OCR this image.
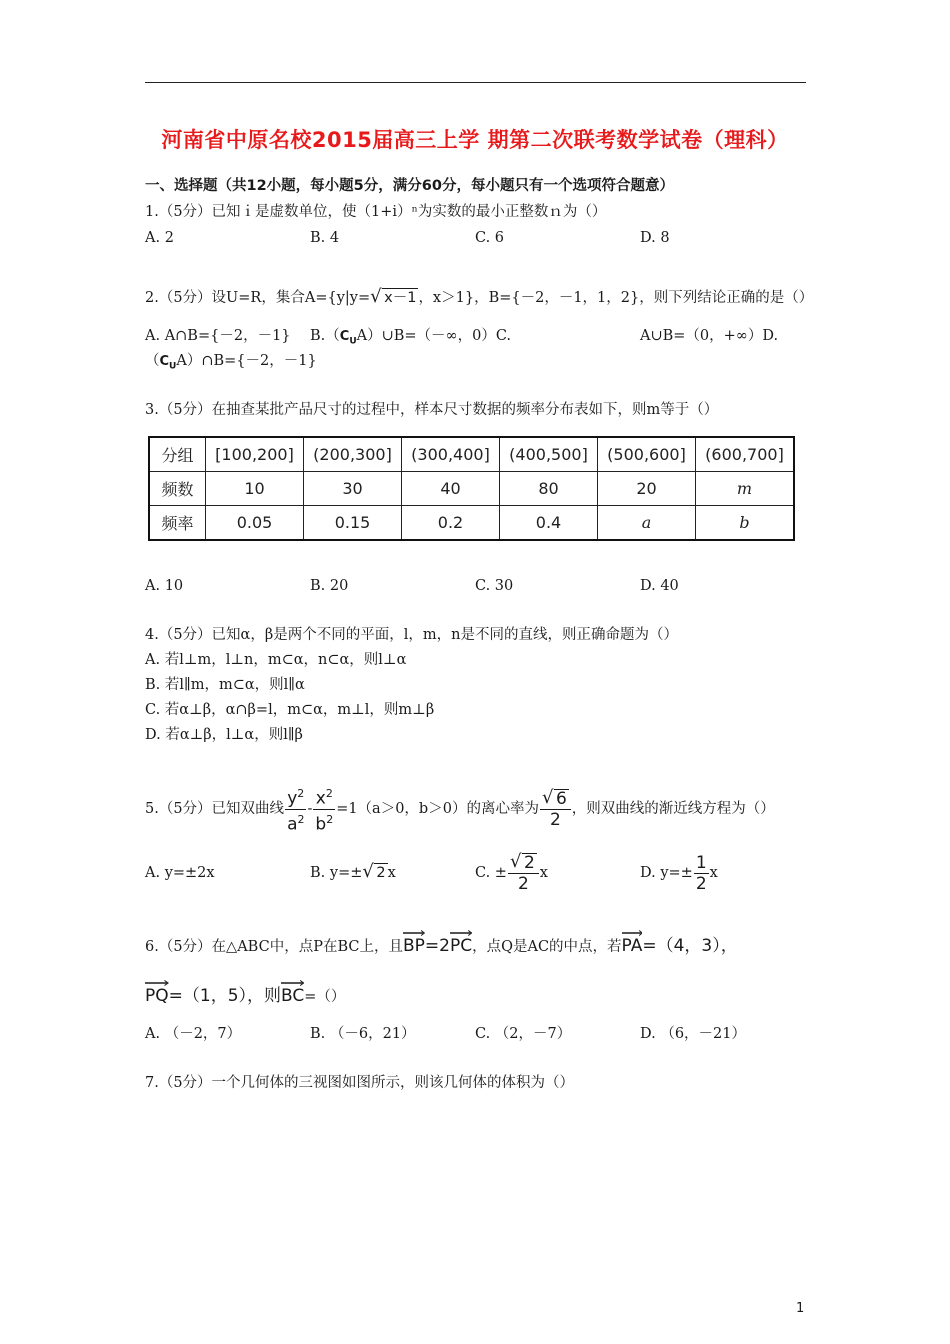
河南省中原名校2015届高三上学 期第二次联考数学试卷（理科）
一、选择题（共12小题，每小题5分，满分60分，每小题只有一个选项符合题意）
1.（5分）已知ｉ是虚数单位，使（1+i）ⁿ为实数的最小正整数ｎ为（）
A. 2	B. 4	C. 6	D. 8
2.（5分）设U=R，集合A={y|y= √ x－1 ，x＞1}，B={－2，－1，1，2}，则下列结论正确的是（）
A. A∩B={－2，－1} $B.(C_UA)\cup B=(-\infty$，0）C.	A∪B=（0，+∞）D.
$(C_UA)\cap B=\{-2$，－1}
3.（5分）在抽查某批产品尺寸的过程中，样本尺寸数据的频率分布表如下，则m等于（）
分组	[100,200]	(200,300]	(300,400]	(400,500]	(500,600]	(600,700]
频数	10	30	40	80	20	m
频率	0.05	0.15	0.2	0.4	a	b
A. 10	B. 20	C. 30	D. 40
4.（5分）已知α，β是两个不同的平面，l，m，n是不同的直线，则正确命题为（）
A. 若l⊥m，l⊥n，m⊂α，n⊂α，则l⊥α
B. 若l∥m，m⊂α，则l∥α
C. 若α⊥β，α∩β=l，m⊂α，m⊥l，则m⊥β
D. 若α⊥β，l⊥α，则l∥β
5.（5分）已知双曲线 $\frac{y^2}{a^2} - \frac{x^2}{b^2} =1(a>0$，b＞0）的离心率为 $\frac{√ 6}{2}$ ，则双曲线的渐近线方程为（）
A. y=±2x	B. y=± √ 2 x	C. ± $\frac{√ 2}{2}$ x	D. $y=\pm \frac{1}{2}$ x
6.（5分）在△ABC中，点P在BC上，且
BP=2
PC，点Q是AC的中点，若
PA=（4，3），
PQ=（1，5），则
BC=（）
A. （－2，7）	B. （－6，21）	C. （2，－7）	D. （6，－21）
7.（5分）一个几何体的三视图如图所示，则该几何体的体积为（）
1
